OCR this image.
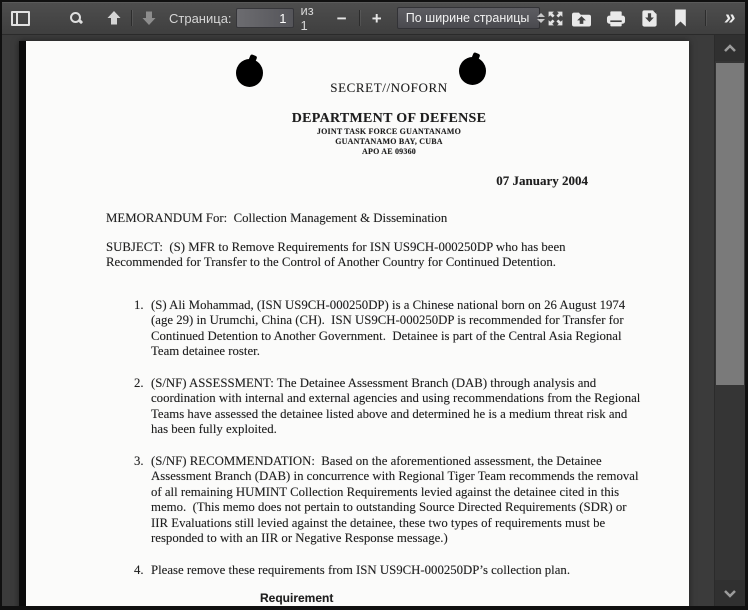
Страница:
1	из 1	− + По ширине страницы	»
SECRET//NOFORN
DEPARTMENT OF DEFENSE
JOINT TASK FORCE GUANTANAMO
GUANTANAMO BAY, CUBA
APO AE 09360
07 January 2004
MEMORANDUM For:  Collection Management & Dissemination
SUBJECT:  (S) MFR to Remove Requirements for ISN US9CH-000250DP who has been Recommended for Transfer to the Control of Another Country for Continued Detention.
1. (S) Ali Mohammad, (ISN US9CH-000250DP) is a Chinese national born on 26 August 1974 (age 29) in Urumchi, China (CH).  ISN US9CH-000250DP is recommended for Transfer for Continued Detention to Another Government.  Detainee is part of the Central Asia Regional Team detainee roster.
2. (S/NF) ASSESSMENT: The Detainee Assessment Branch (DAB) through analysis and coordination with internal and external agencies and using recommendations from the Regional Teams have assessed the detainee listed above and determined he is a medium threat risk and has been fully exploited.
3. (S/NF) RECOMMENDATION:  Based on the aforementioned assessment, the Detainee Assessment Branch (DAB) in concurrence with Regional Tiger Team recommends the removal of all remaining HUMINT Collection Requirements levied against the detainee cited in this memo.  (This memo does not pertain to outstanding Source Directed Requirements (SDR) or IIR Evaluations still levied against the detainee, these two types of requirements must be responded to with an IIR or Negative Response message.)
4. Please remove these requirements from ISN US9CH-000250DP’s collection plan.
Requirement
